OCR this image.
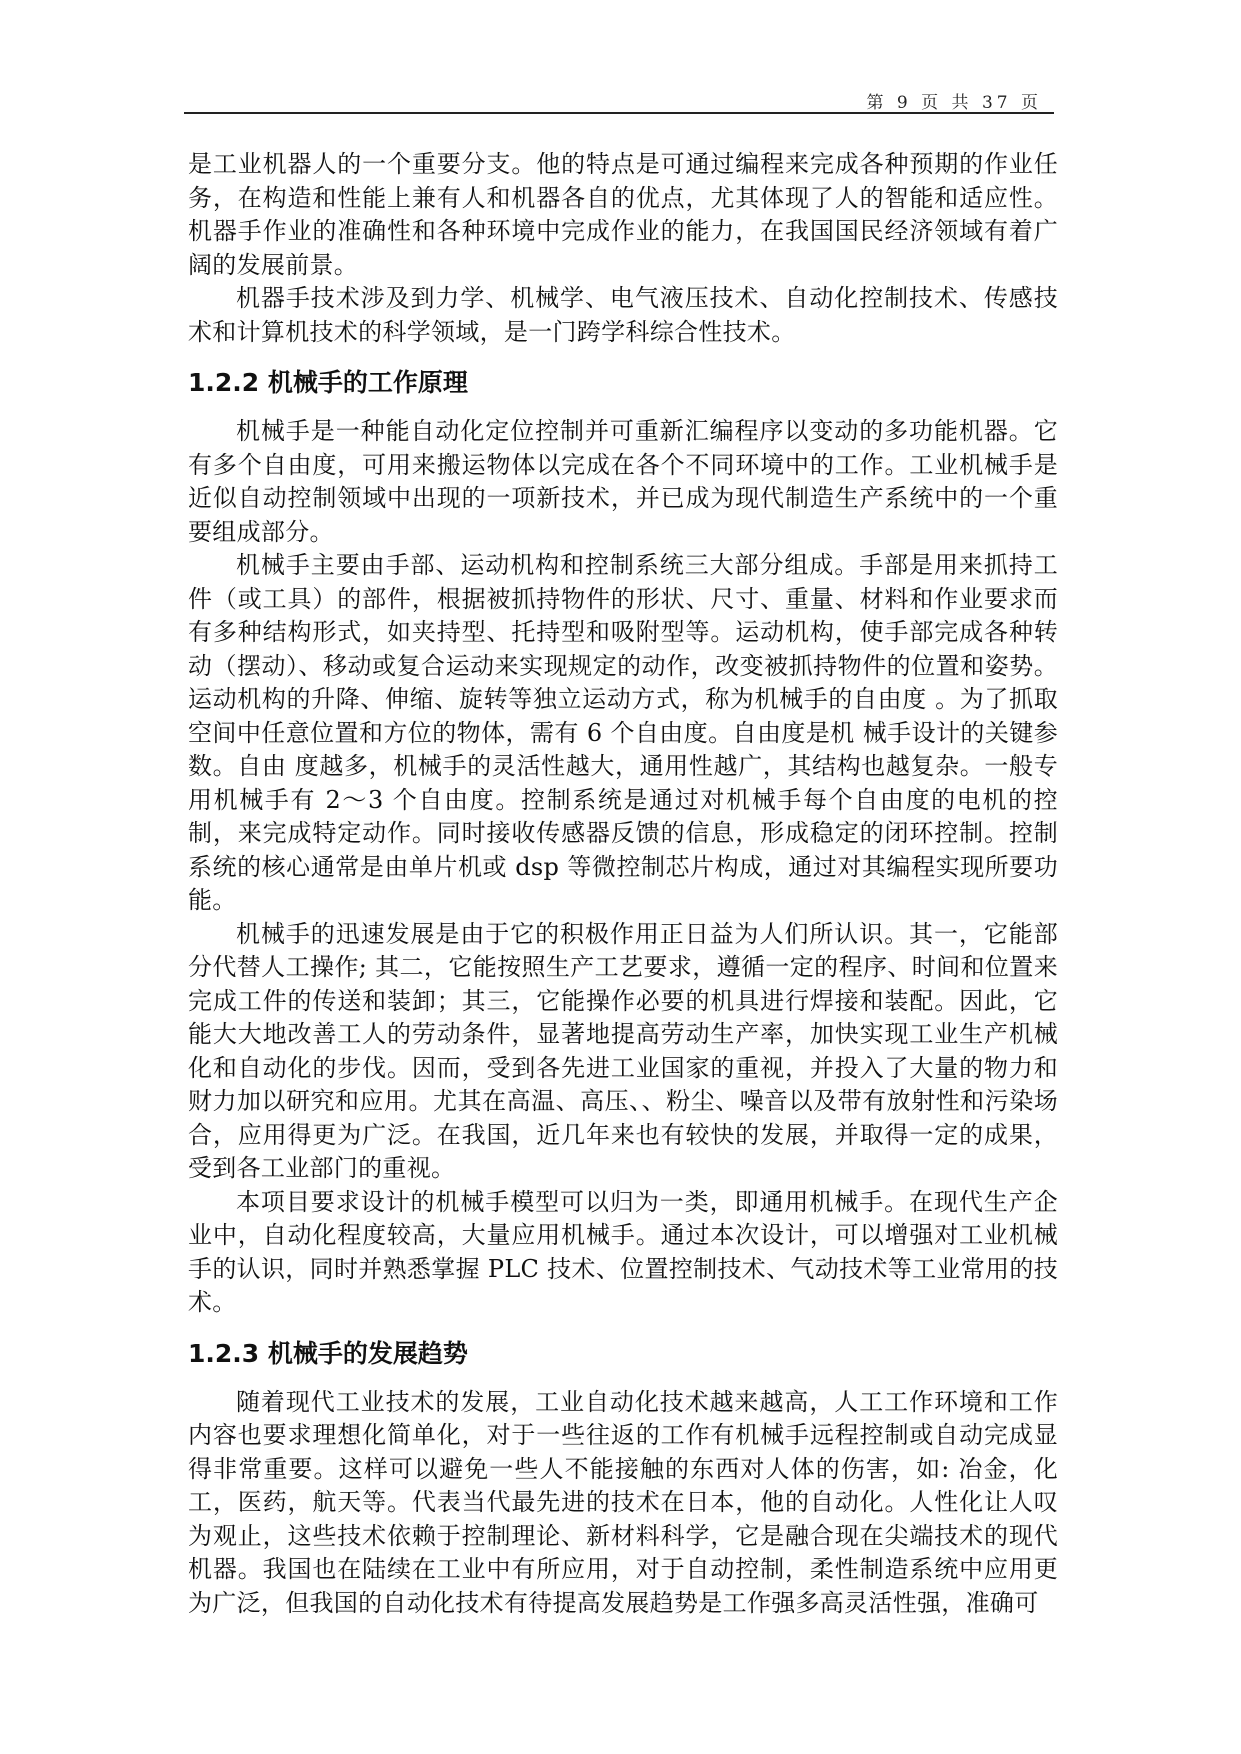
第 9 页 共 37 页

是工业机器人的一个重要分支。他的特点是可通过编程来完成各种预期的作业任务，在构造和性能上兼有人和机器各自的优点，尤其体现了人的智能和适应性。机器手作业的准确性和各种环境中完成作业的能力，在我国国民经济领域有着广阔的发展前景。

机器手技术涉及到力学、机械学、电气液压技术、自动化控制技术、传感技术和计算机技术的科学领域，是一门跨学科综合性技术。

1.2.2 机械手的工作原理

机械手是一种能自动化定位控制并可重新汇编程序以变动的多功能机器。它有多个自由度，可用来搬运物体以完成在各个不同环境中的工作。工业机械手是近似自动控制领域中出现的一项新技术，并已成为现代制造生产系统中的一个重要组成部分。

机械手主要由手部、运动机构和控制系统三大部分组成。手部是用来抓持工件（或工具）的部件，根据被抓持物件的形状、尺寸、重量、材料和作业要求而有多种结构形式，如夹持型、托持型和吸附型等。运动机构，使手部完成各种转动（摆动）、移动或复合运动来实现规定的动作，改变被抓持物件的位置和姿势。运动机构的升降、伸缩、旋转等独立运动方式，称为机械手的自由度 。为了抓取空间中任意位置和方位的物体，需有 6 个自由度。自由度是机 械手设计的关键参数。自由 度越多，机械手的灵活性越大，通用性越广，其结构也越复杂。一般专用机械手有 2～3 个自由度。控制系统是通过对机械手每个自由度的电机的控制，来完成特定动作。同时接收传感器反馈的信息，形成稳定的闭环控制。控制系统的核心通常是由单片机或 dsp 等微控制芯片构成，通过对其编程实现所要功能。

机械手的迅速发展是由于它的积极作用正日益为人们所认识。其一，它能部分代替人工操作; 其二，它能按照生产工艺要求，遵循一定的程序、时间和位置来完成工件的传送和装卸；其三，它能操作必要的机具进行焊接和装配。因此，它能大大地改善工人的劳动条件，显著地提高劳动生产率，加快实现工业生产机械化和自动化的步伐。因而，受到各先进工业国家的重视，并投入了大量的物力和财力加以研究和应用。尤其在高温、高压、、粉尘、噪音以及带有放射性和污染场合，应用得更为广泛。在我国，近几年来也有较快的发展，并取得一定的成果，受到各工业部门的重视。

本项目要求设计的机械手模型可以归为一类，即通用机械手。在现代生产企业中，自动化程度较高，大量应用机械手。通过本次设计，可以增强对工业机械手的认识，同时并熟悉掌握 PLC 技术、位置控制技术、气动技术等工业常用的技术。

1.2.3 机械手的发展趋势

随着现代工业技术的发展，工业自动化技术越来越高，人工工作环境和工作内容也要求理想化简单化，对于一些往返的工作有机械手远程控制或自动完成显得非常重要。这样可以避免一些人不能接触的东西对人体的伤害，如: 冶金，化工，医药，航天等。代表当代最先进的技术在日本，他的自动化。人性化让人叹为观止，这些技术依赖于控制理论、新材料科学，它是融合现在尖端技术的现代机器。我国也在陆续在工业中有所应用，对于自动控制，柔性制造系统中应用更为广泛，但我国的自动化技术有待提高发展趋势是工作强多高灵活性强，准确可
